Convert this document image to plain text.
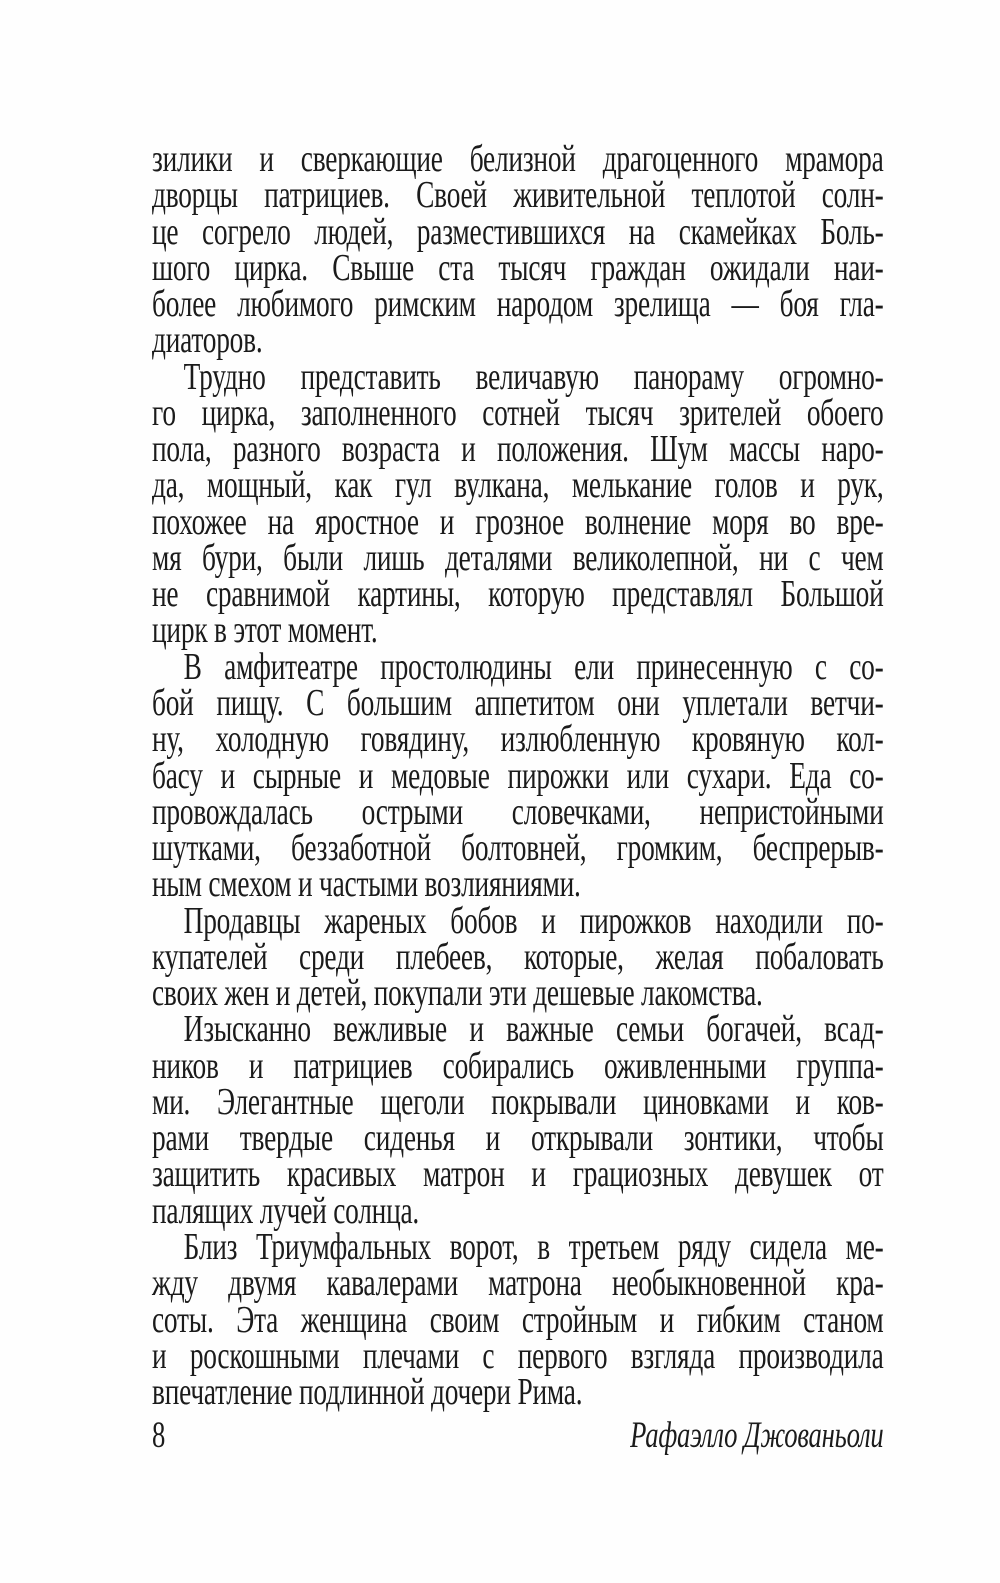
зилики и сверкающие белизной драгоценного мрамора
дворцы патрициев. Своей живительной теплотой солн-
це согрело людей, разместившихся на скамейках Боль-
шого цирка. Свыше ста тысяч граждан ожидали наи-
более любимого римским народом зрелища — боя гла-
диаторов.
Трудно представить величавую панораму огромно-
го цирка, заполненного сотней тысяч зрителей обоего
пола, разного возраста и положения. Шум массы наро-
да, мощный, как гул вулкана, мелькание голов и рук,
похожее на яростное и грозное волнение моря во вре-
мя бури, были лишь деталями великолепной, ни с чем
не сравнимой картины, которую представлял Большой
цирк в этот момент.
В амфитеатре простолюдины ели принесенную с со-
бой пищу. С большим аппетитом они уплетали ветчи-
ну, холодную говядину, излюбленную кровяную кол-
басу и сырные и медовые пирожки или сухари. Еда со-
провождалась острыми словечками, непристойными
шутками, беззаботной болтовней, громким, беспрерыв-
ным смехом и частыми возлияниями.
Продавцы жареных бобов и пирожков находили по-
купателей среди плебеев, которые, желая побаловать
своих жен и детей, покупали эти дешевые лакомства.
Изысканно вежливые и важные семьи богачей, всад-
ников и патрициев собирались оживленными группа-
ми. Элегантные щеголи покрывали циновками и ков-
рами твердые сиденья и открывали зонтики, чтобы
защитить красивых матрон и грациозных девушек от
палящих лучей солнца.
Близ Триумфальных ворот, в третьем ряду сидела ме-
жду двумя кавалерами матрона необыкновенной кра-
соты. Эта женщина своим стройным и гибким станом
и роскошными плечами с первого взгляда производила
впечатление подлинной дочери Рима.
8	Рафаэлло Джованьоли
